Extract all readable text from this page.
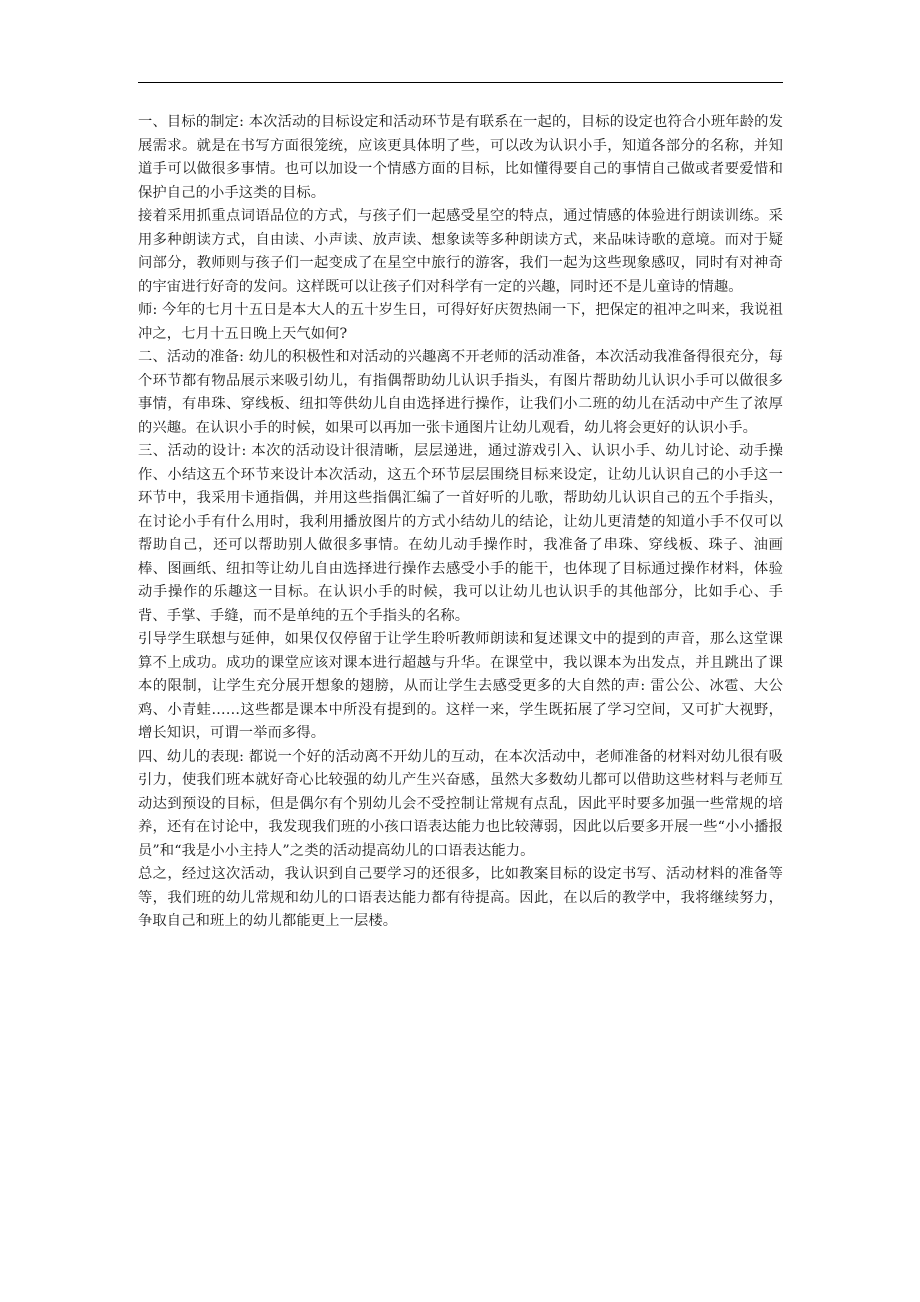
一、目标的制定: 本次活动的目标设定和活动环节是有联系在一起的，目标的设定也符合小班年龄的发展需求。就是在书写方面很笼统，应该更具体明了些，可以改为认识小手，知道各部分的名称，并知道手可以做很多事情。也可以加设一个情感方面的目标，比如懂得要自己的事情自己做或者要爱惜和保护自己的小手这类的目标。

接着采用抓重点词语品位的方式，与孩子们一起感受星空的特点，通过情感的体验进行朗读训练。采用多种朗读方式，自由读、小声读、放声读、想象读等多种朗读方式，来品味诗歌的意境。而对于疑问部分，教师则与孩子们一起变成了在星空中旅行的游客，我们一起为这些现象感叹，同时有对神奇的宇宙进行好奇的发问。这样既可以让孩子们对科学有一定的兴趣，同时还不是儿童诗的情趣。

师: 今年的七月十五日是本大人的五十岁生日，可得好好庆贺热闹一下，把保定的祖冲之叫来，我说祖冲之，七月十五日晚上天气如何?

二、活动的准备: 幼儿的积极性和对活动的兴趣离不开老师的活动准备，本次活动我准备得很充分，每个环节都有物品展示来吸引幼儿，有指偶帮助幼儿认识手指头，有图片帮助幼儿认识小手可以做很多事情，有串珠、穿线板、纽扣等供幼儿自由选择进行操作，让我们小二班的幼儿在活动中产生了浓厚的兴趣。在认识小手的时候，如果可以再加一张卡通图片让幼儿观看，幼儿将会更好的认识小手。

三、活动的设计: 本次的活动设计很清晰，层层递进，通过游戏引入、认识小手、幼儿讨论、动手操作、小结这五个环节来设计本次活动，这五个环节层层围绕目标来设定，让幼儿认识自己的小手这一环节中，我采用卡通指偶，并用这些指偶汇编了一首好听的儿歌，帮助幼儿认识自己的五个手指头，在讨论小手有什么用时，我利用播放图片的方式小结幼儿的结论，让幼儿更清楚的知道小手不仅可以帮助自己，还可以帮助别人做很多事情。在幼儿动手操作时，我准备了串珠、穿线板、珠子、油画棒、图画纸、纽扣等让幼儿自由选择进行操作去感受小手的能干，也体现了目标通过操作材料，体验动手操作的乐趣这一目标。在认识小手的时候，我可以让幼儿也认识手的其他部分，比如手心、手背、手掌、手缝，而不是单纯的五个手指头的名称。

引导学生联想与延伸，如果仅仅停留于让学生聆听教师朗读和复述课文中的提到的声音，那么这堂课算不上成功。成功的课堂应该对课本进行超越与升华。在课堂中，我以课本为出发点，并且跳出了课本的限制，让学生充分展开想象的翅膀，从而让学生去感受更多的大自然的声: 雷公公、冰雹、大公鸡、小青蛙……这些都是课本中所没有提到的。这样一来，学生既拓展了学习空间，又可扩大视野，增长知识，可谓一举而多得。

四、幼儿的表现: 都说一个好的活动离不开幼儿的互动，在本次活动中，老师准备的材料对幼儿很有吸引力，使我们班本就好奇心比较强的幼儿产生兴奋感，虽然大多数幼儿都可以借助这些材料与老师互动达到预设的目标，但是偶尔有个别幼儿会不受控制让常规有点乱，因此平时要多加强一些常规的培养，还有在讨论中，我发现我们班的小孩口语表达能力也比较薄弱，因此以后要多开展一些“小小播报员”和“我是小小主持人”之类的活动提高幼儿的口语表达能力。

总之，经过这次活动，我认识到自己要学习的还很多，比如教案目标的设定书写、活动材料的准备等等，我们班的幼儿常规和幼儿的口语表达能力都有待提高。因此，在以后的教学中，我将继续努力，争取自己和班上的幼儿都能更上一层楼。
